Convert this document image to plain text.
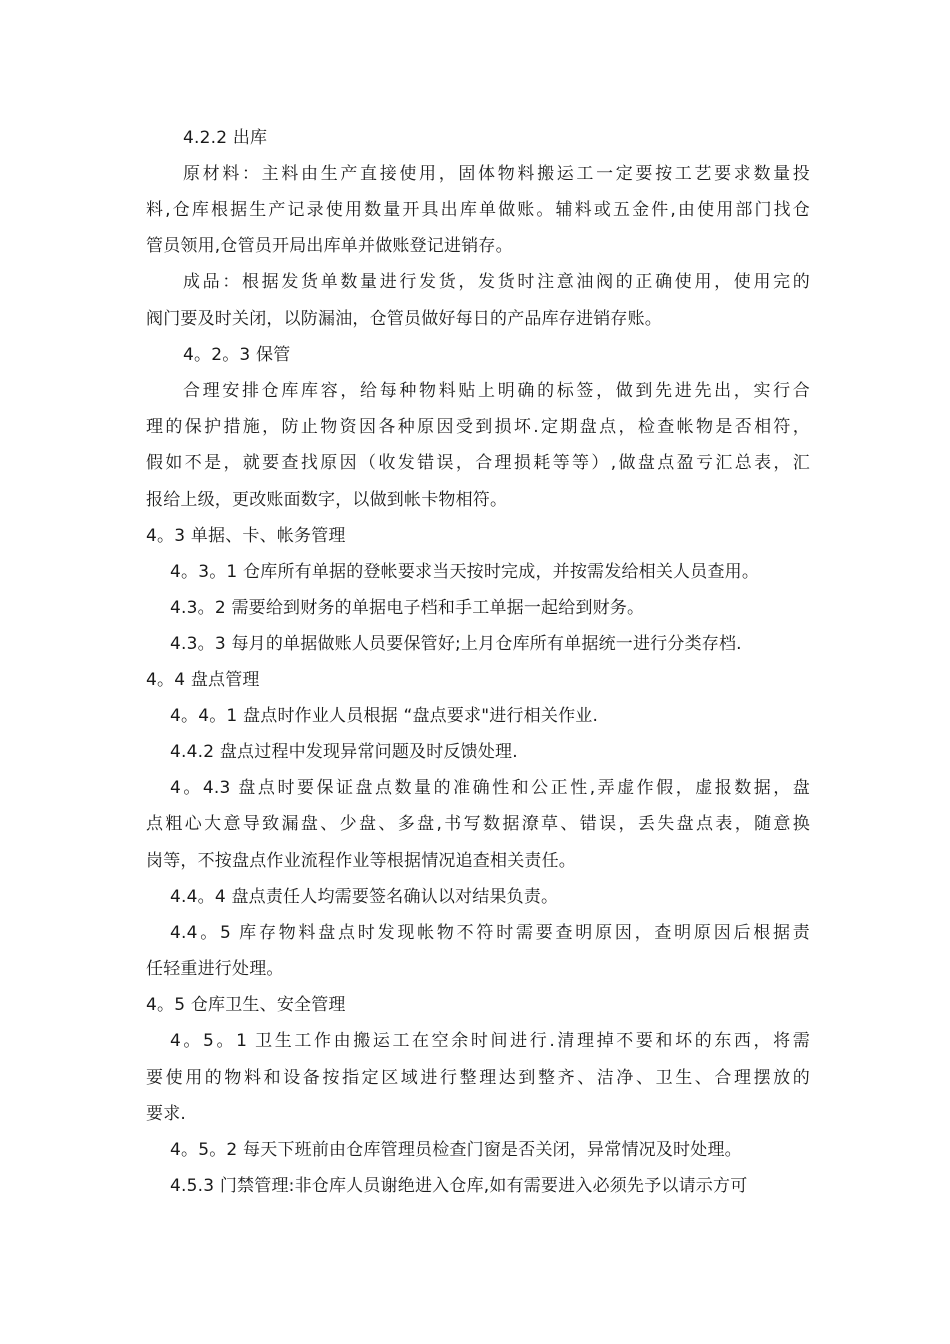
4.2.2 出库
原材料：主料由生产直接使用，固体物料搬运工一定要按工艺要求数量投
料,仓库根据生产记录使用数量开具出库单做账。辅料或五金件,由使用部门找仓
管员领用,仓管员开局出库单并做账登记进销存。
成品：根据发货单数量进行发货，发货时注意油阀的正确使用，使用完的
阀门要及时关闭，以防漏油，仓管员做好每日的产品库存进销存账。
4。2。3 保管
合理安排仓库库容，给每种物料贴上明确的标签，做到先进先出，实行合
理的保护措施，防止物资因各种原因受到损坏.定期盘点，检查帐物是否相符，
假如不是，就要查找原因（收发错误，合理损耗等等）,做盘点盈亏汇总表，汇
报给上级，更改账面数字，以做到帐卡物相符。
4。3 单据、卡、帐务管理
4。3。1 仓库所有单据的登帐要求当天按时完成，并按需发给相关人员查用。
4.3。2 需要给到财务的单据电子档和手工单据一起给到财务。
4.3。3 每月的单据做账人员要保管好;上月仓库所有单据统一进行分类存档.
4。4 盘点管理
4。4。1 盘点时作业人员根据 “盘点要求"进行相关作业.
4.4.2 盘点过程中发现异常问题及时反馈处理.
4。4.3 盘点时要保证盘点数量的准确性和公正性,弄虚作假，虚报数据，盘
点粗心大意导致漏盘、少盘、多盘,书写数据潦草、错误，丢失盘点表，随意换
岗等，不按盘点作业流程作业等根据情况追查相关责任。
4.4。4 盘点责任人均需要签名确认以对结果负责。
4.4。5 库存物料盘点时发现帐物不符时需要查明原因，查明原因后根据责
任轻重进行处理。
4。5 仓库卫生、安全管理
4。5。1 卫生工作由搬运工在空余时间进行.清理掉不要和坏的东西，将需
要使用的物料和设备按指定区域进行整理达到整齐、洁净、卫生、合理摆放的
要求.
4。5。2 每天下班前由仓库管理员检查门窗是否关闭，异常情况及时处理。
4.5.3 门禁管理:非仓库人员谢绝进入仓库,如有需要进入必须先予以请示方可
